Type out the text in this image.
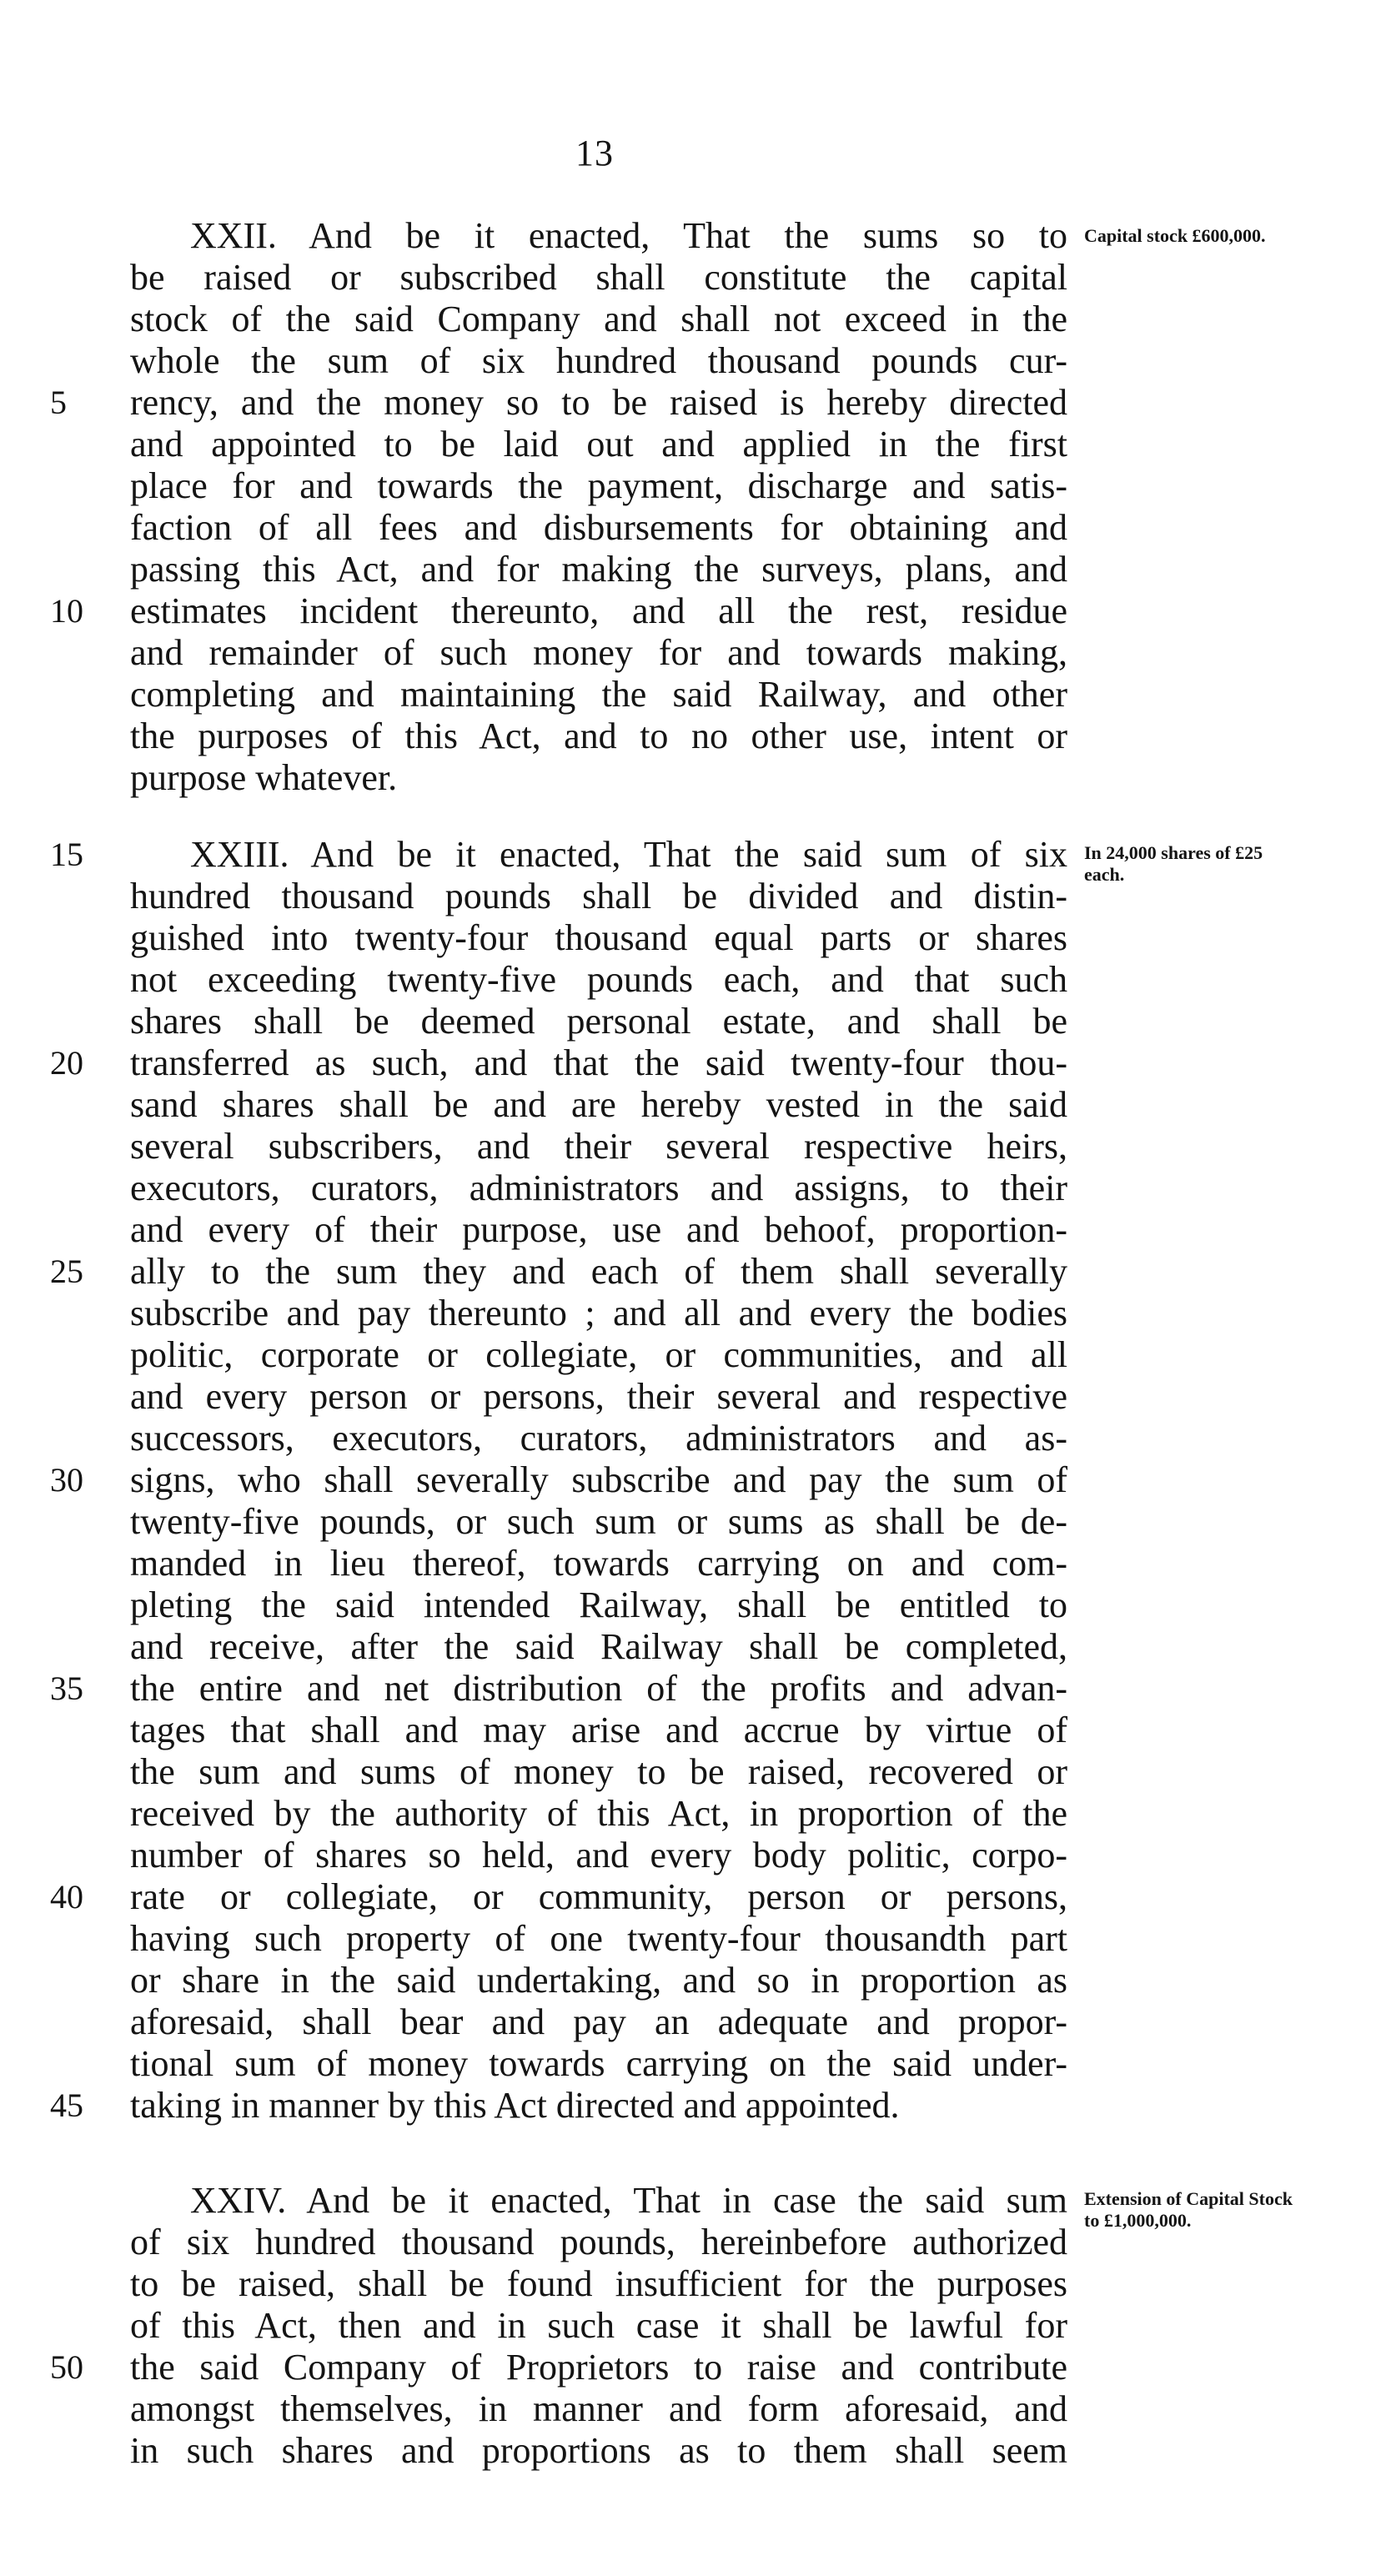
13
Capital stock £600,000.
5
10
XXII. And be it enacted, That the sums so to
be raised or subscribed shall constitute the capital
stock of the said Company and shall not exceed in the
whole the sum of six hundred thousand pounds cur-
rency, and the money so to be raised is hereby directed
and appointed to be laid out and applied in the first
place for and towards the payment, discharge and satis-
faction of all fees and disbursements for obtaining and
passing this Act, and for making the surveys, plans, and
estimates incident thereunto, and all the rest, residue
and remainder of such money for and towards making,
completing and maintaining the said Railway, and other
the purposes of this Act, and to no other use, intent or
purpose whatever.
In 24,000 shares of £25 each.
15
20
25
30
35
40
45
XXIII. And be it enacted, That the said sum of six
hundred thousand pounds shall be divided and distin-
guished into twenty-four thousand equal parts or shares
not exceeding twenty-five pounds each, and that such
shares shall be deemed personal estate, and shall be
transferred as such, and that the said twenty-four thou-
sand shares shall be and are hereby vested in the said
several subscribers, and their several respective heirs,
executors, curators, administrators and assigns, to their
and every of their purpose, use and behoof, proportion-
ally to the sum they and each of them shall severally
subscribe and pay thereunto ; and all and every the bodies
politic, corporate or collegiate, or communities, and all
and every person or persons, their several and respective
successors, executors, curators, administrators and as-
signs, who shall severally subscribe and pay the sum of
twenty-five pounds, or such sum or sums as shall be de-
manded in lieu thereof, towards carrying on and com-
pleting the said intended Railway, shall be entitled to
and receive, after the said Railway shall be completed,
the entire and net distribution of the profits and advan-
tages that shall and may arise and accrue by virtue of
the sum and sums of money to be raised, recovered or
received by the authority of this Act, in proportion of the
number of shares so held, and every body politic, corpo-
rate or collegiate, or community, person or persons,
having such property of one twenty-four thousandth part
or share in the said undertaking, and so in proportion as
aforesaid, shall bear and pay an adequate and propor-
tional sum of money towards carrying on the said under-
taking in manner by this Act directed and appointed.
Extension of Capital Stock to £1,000,000.
50
XXIV. And be it enacted, That in case the said sum
of six hundred thousand pounds, hereinbefore authorized
to be raised, shall be found insufficient for the purposes
of this Act, then and in such case it shall be lawful for
the said Company of Proprietors to raise and contribute
amongst themselves, in manner and form aforesaid, and
in such shares and proportions as to them shall seem
